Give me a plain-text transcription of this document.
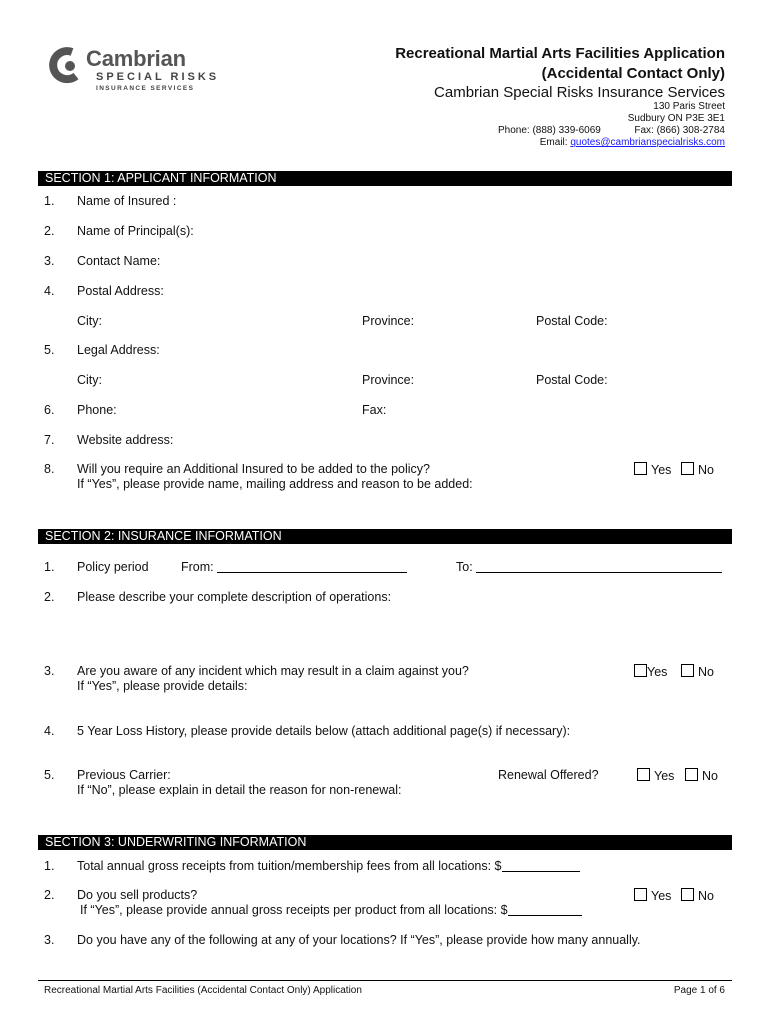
Cambrian
SPECIAL RISKS
INSURANCE SERVICES
Recreational Martial Arts Facilities Application
(Accidental Contact Only)
Cambrian Special Risks Insurance Services
130 Paris Street
Sudbury ON P3E 3E1
Phone: (888) 339-6069	Fax: (866) 308-2784
Email: quotes@cambrianspecialrisks.com
SECTION 1: APPLICANT INFORMATION
1. Name of Insured :
2. Name of Principal(s):
3. Contact Name:
4. Postal Address:
City:	Province:	Postal Code:
5. Legal Address:
City:	Province:	Postal Code:
6. Phone:	Fax:
7. Website address:
8. Will you require an Additional Insured to be added to the policy?
If “Yes”, please provide name, mailing address and reason to be added:
Yes	No
SECTION 2: INSURANCE INFORMATION
1. Policy period	From:	To:
2. Please describe your complete description of operations:
3. Are you aware of any incident which may result in a claim against you?
If “Yes”, please provide details:
Yes	No
4. 5 Year Loss History, please provide details below (attach additional page(s) if necessary):
5. Previous Carrier:	Renewal Offered?	Yes	No
If “No”, please explain in detail the reason for non-renewal:
SECTION 3: UNDERWRITING INFORMATION
1. Total annual gross receipts from tuition/membership fees from all locations: $
2. Do you sell products?	Yes	No
If “Yes”, please provide annual gross receipts per product from all locations: $
3. Do you have any of the following at any of your locations? If “Yes”, please provide how many annually.
Recreational Martial Arts Facilities (Accidental Contact Only) Application	Page 1 of 6
